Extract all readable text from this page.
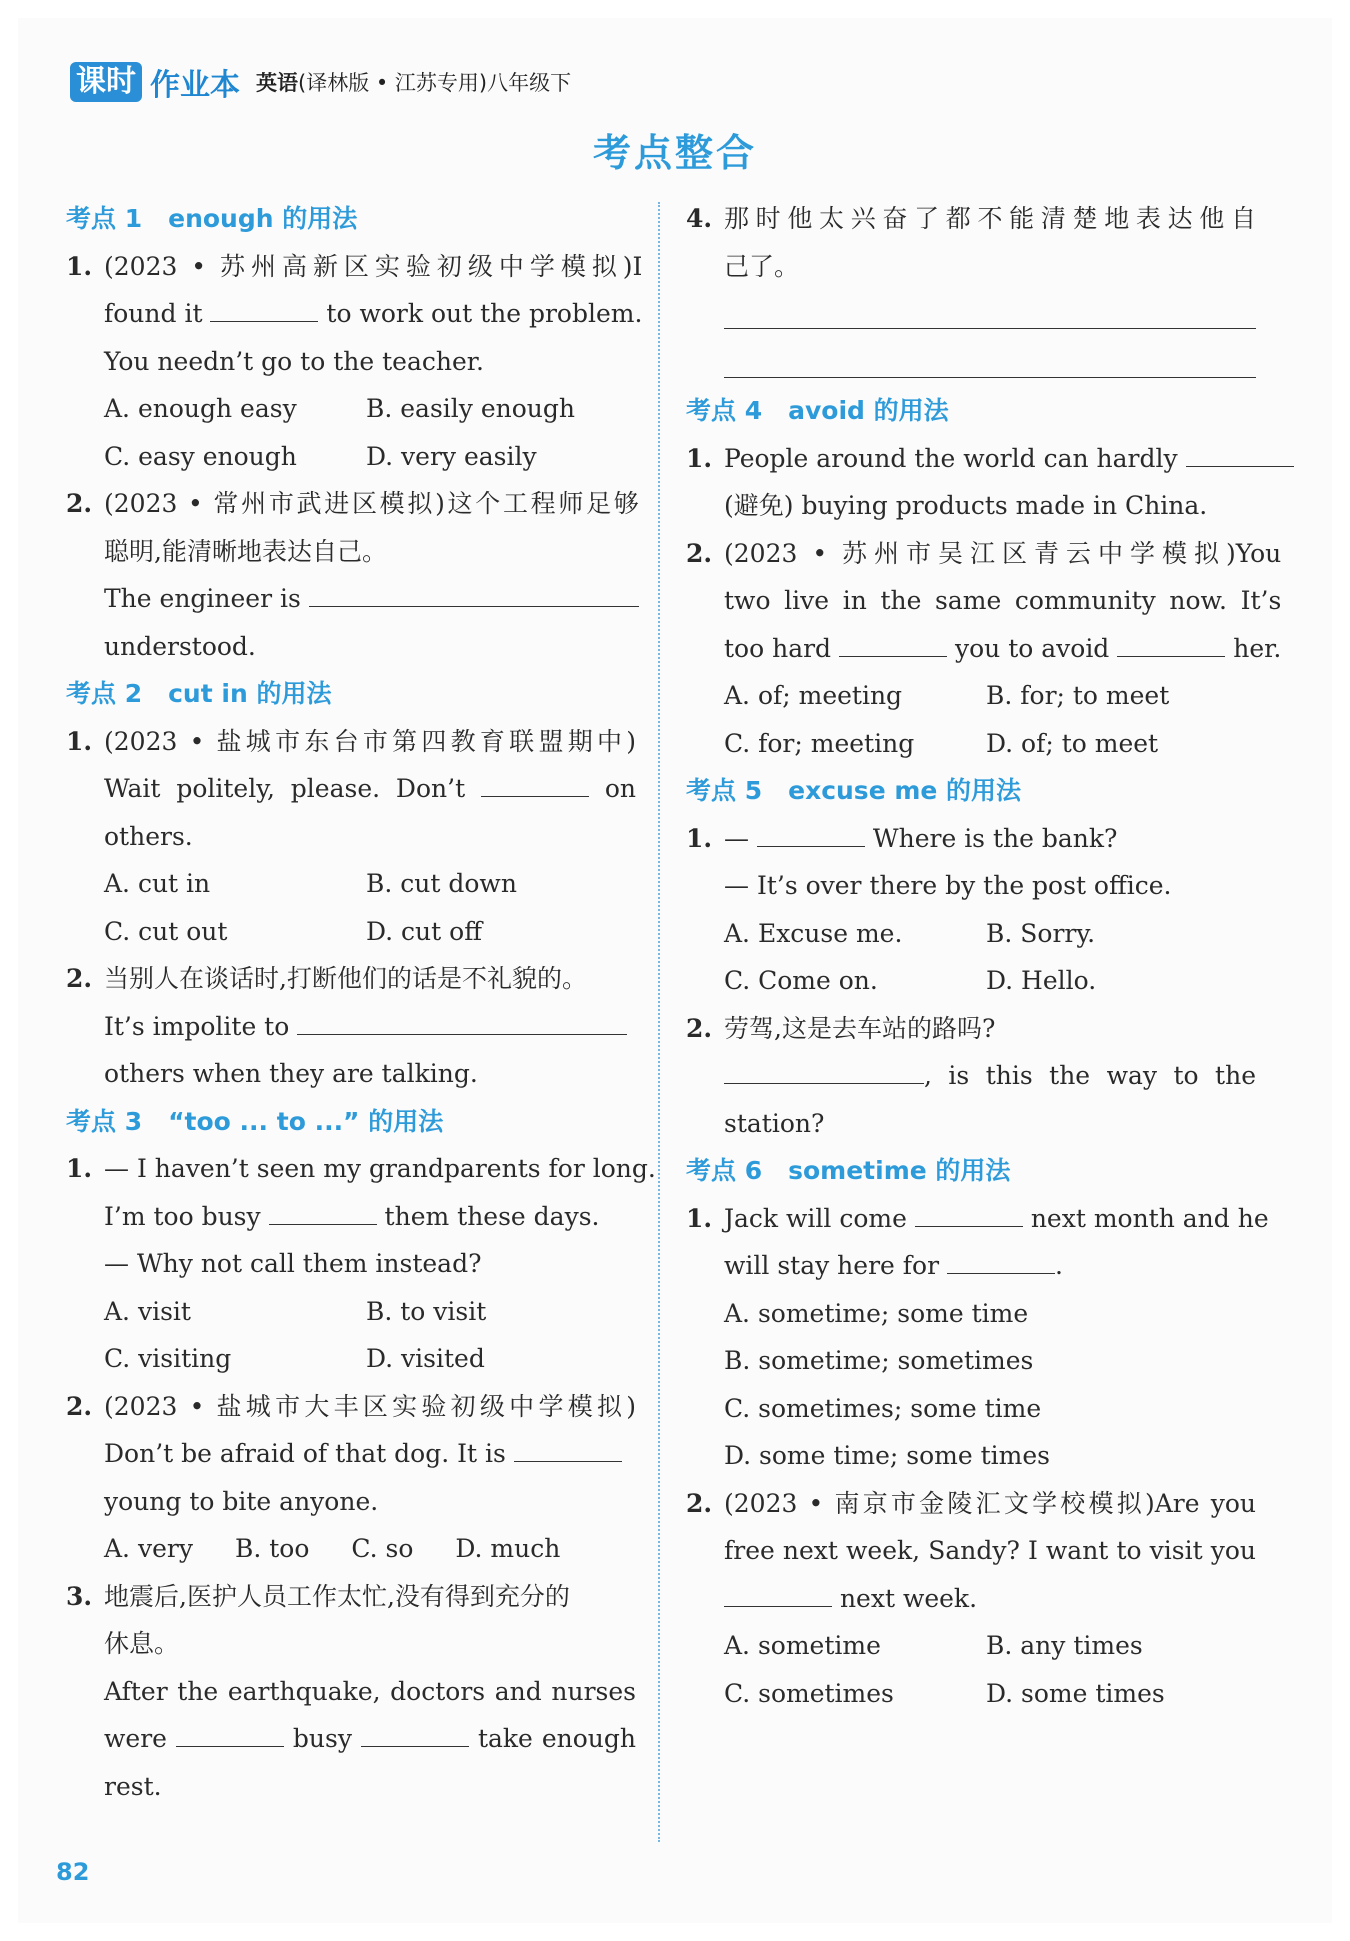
课时 作业本 英语(译林版 • 江苏专用)八年级下
考点整合
考点 1 enough 的用法
1. (2023 • 苏州高新区实验初级中学模拟)I
found it	to work out the problem.
You needn’t go to the teacher.
A. enough easy	B. easily enough
C. easy enough	D. very easily
2. (2023 • 常州市武进区模拟)这个工程师足够
聪明,能清晰地表达自己。
The engineer is
understood.
考点 2 cut in 的用法
1. (2023 • 盐城市东台市第四教育联盟期中)
Wait politely, please. Don’t	on
others.
A. cut in	B. cut down
C. cut out	D. cut off
2. 当别人在谈话时,打断他们的话是不礼貌的。
It’s impolite to
others when they are talking.
考点 3 “too ... to ...” 的用法
1. — I haven’t seen my grandparents for long.
I’m too busy	them these days.
— Why not call them instead?
A. visit	B. to visit
C. visiting	D. visited
2. (2023 • 盐城市大丰区实验初级中学模拟)
Don’t be afraid of that dog. It is
young to bite anyone.
A. very B. too C. so D. much
3. 地震后,医护人员工作太忙,没有得到充分的
休息。
After the earthquake, doctors and nurses
were	busy	take enough
rest.
4. 那时他太兴奋了都不能清楚地表达他自
己了。
考点 4 avoid 的用法
1. People around the world can hardly
(避免) buying products made in China.
2. (2023 • 苏州市吴江区青云中学模拟)You
two live in the same community now. It’s
too hard	you to avoid	her.
A. of; meeting	B. for; to meet
C. for; meeting	D. of; to meet
考点 5 excuse me 的用法
1. —	Where is the bank?
— It’s over there by the post office.
A. Excuse me.	B. Sorry.
C. Come on.	D. Hello.
2. 劳驾,这是去车站的路吗?
, is this the way to the
station?
考点 6 sometime 的用法
1. Jack will come	next month and he
will stay here for	.
A. sometime; some time
B. sometime; sometimes
C. sometimes; some time
D. some time; some times
2. (2023 • 南京市金陵汇文学校模拟)Are you
free next week, Sandy? I want to visit you
next week.
A. sometime	B. any times
C. sometimes	D. some times
82
